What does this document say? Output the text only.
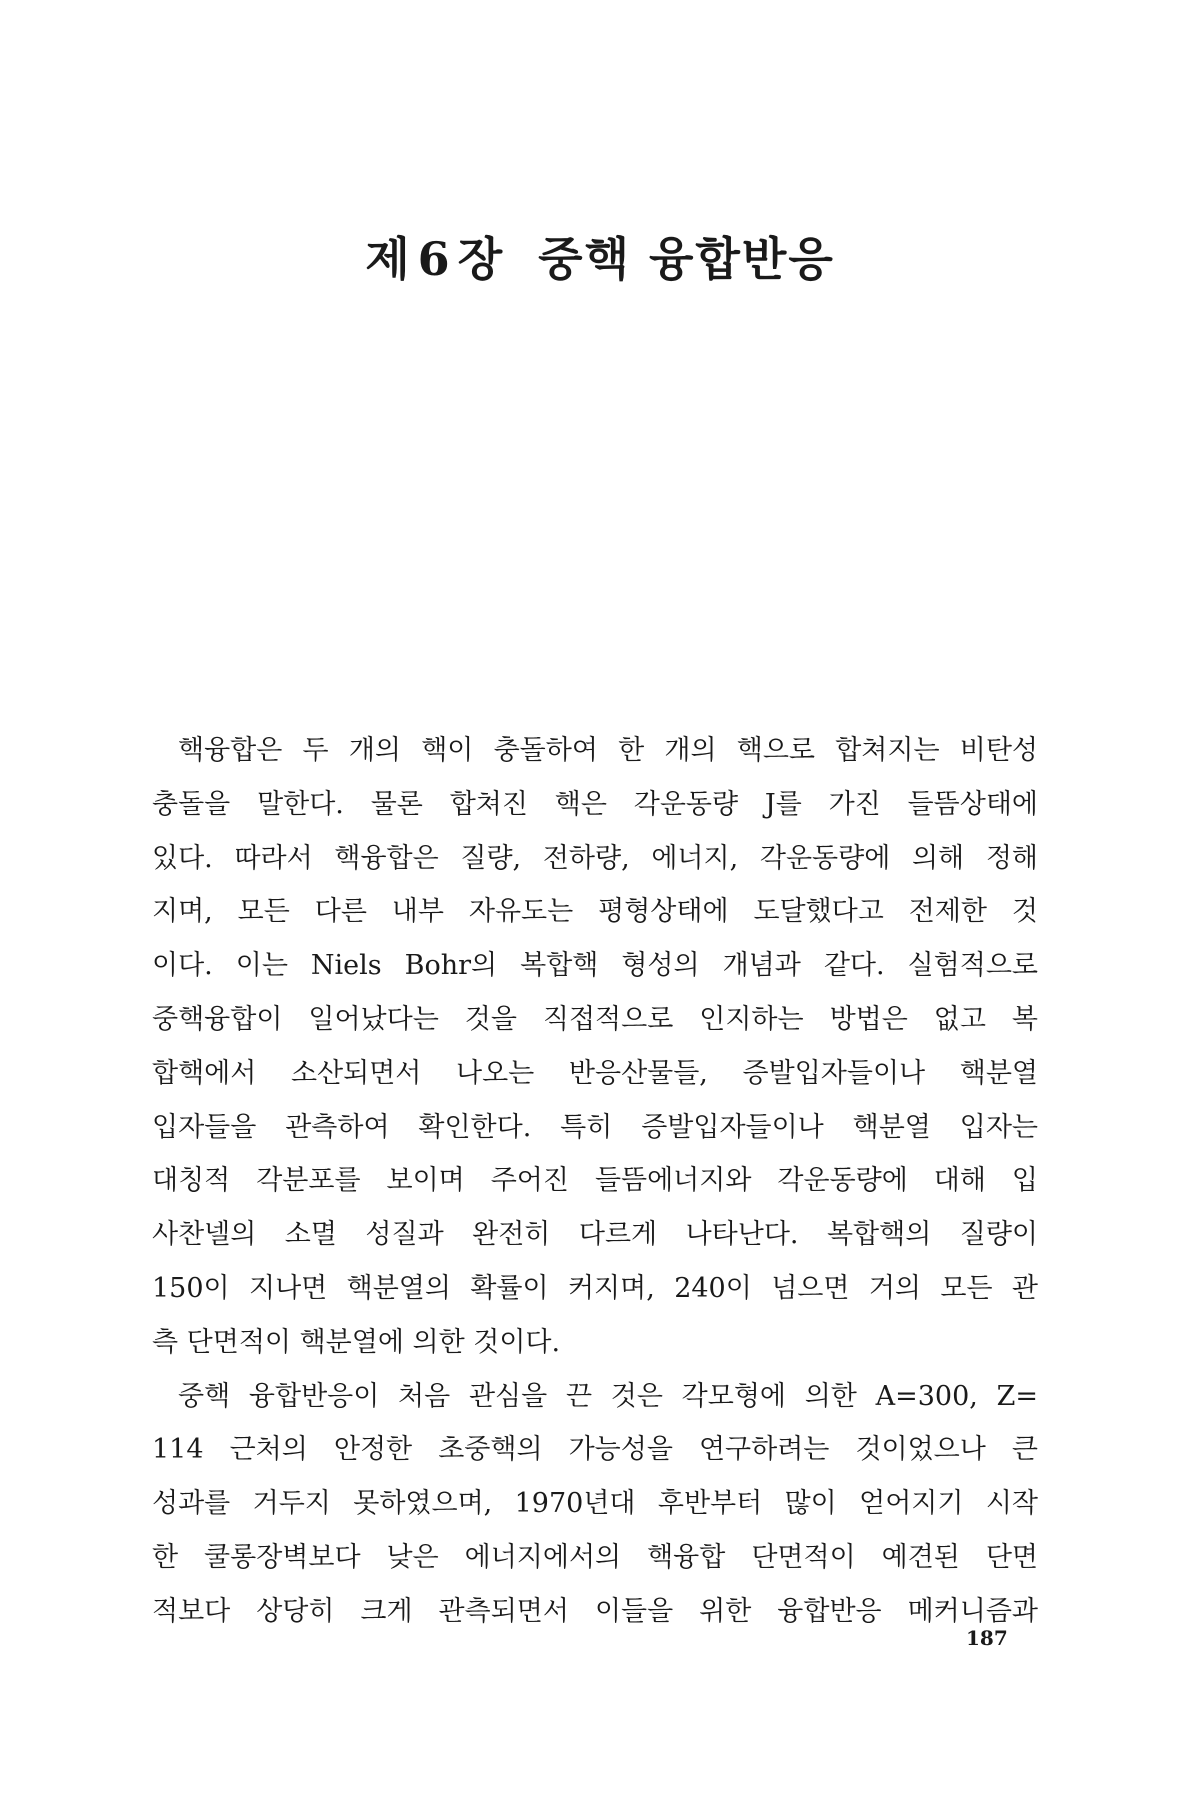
제 6 장 중핵 융합반응

핵융합은 두 개의 핵이 충돌하여 한 개의 핵으로 합쳐지는 비탄성
충돌을 말한다. 물론 합쳐진 핵은 각운동량 J를 가진 들뜸상태에
있다. 따라서 핵융합은 질량, 전하량, 에너지, 각운동량에 의해 정해
지며, 모든 다른 내부 자유도는 평형상태에 도달했다고 전제한 것
이다. 이는 Niels Bohr의 복합핵 형성의 개념과 같다. 실험적으로
중핵융합이 일어났다는 것을 직접적으로 인지하는 방법은 없고 복
합핵에서 소산되면서 나오는 반응산물들, 증발입자들이나 핵분열
입자들을 관측하여 확인한다. 특히 증발입자들이나 핵분열 입자는
대칭적 각분포를 보이며 주어진 들뜸에너지와 각운동량에 대해 입
사찬넬의 소멸 성질과 완전히 다르게 나타난다. 복합핵의 질량이
150이 지나면 핵분열의 확률이 커지며, 240이 넘으면 거의 모든 관
측 단면적이 핵분열에 의한 것이다.

중핵 융합반응이 처음 관심을 끈 것은 각모형에 의한 A=300, Z=
114 근처의 안정한 초중핵의 가능성을 연구하려는 것이었으나 큰
성과를 거두지 못하였으며, 1970년대 후반부터 많이 얻어지기 시작
한 쿨롱장벽보다 낮은 에너지에서의 핵융합 단면적이 예견된 단면
적보다 상당히 크게 관측되면서 이들을 위한 융합반응 메커니즘과

187
